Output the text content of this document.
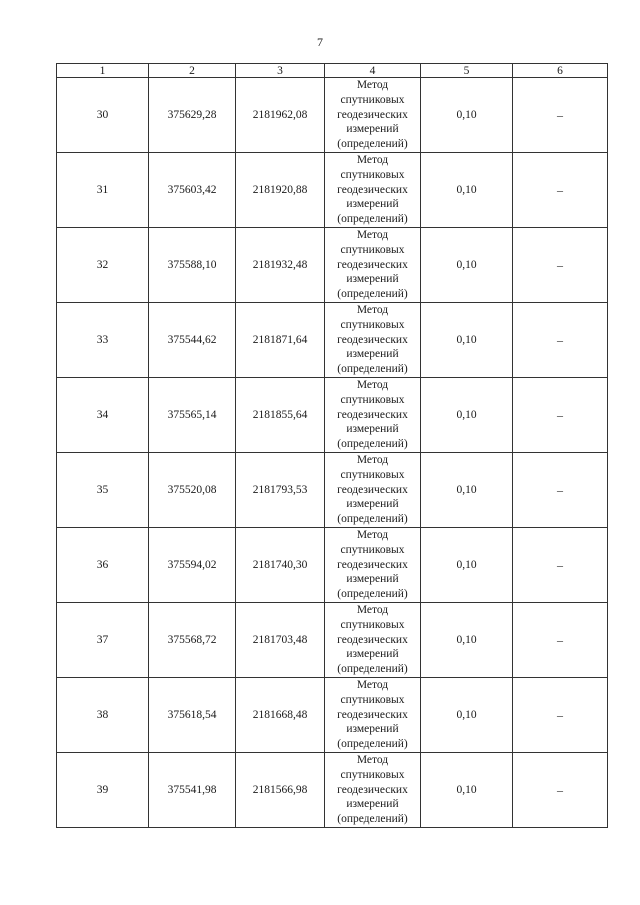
7
1	2	3	4	5	6
30	375629,28	2181962,08	Метод
спутниковых
геодезических
измерений
(определений)	0,10	–
31	375603,42	2181920,88	Метод
спутниковых
геодезических
измерений
(определений)	0,10	–
32	375588,10	2181932,48	Метод
спутниковых
геодезических
измерений
(определений)	0,10	–
33	375544,62	2181871,64	Метод
спутниковых
геодезических
измерений
(определений)	0,10	–
34	375565,14	2181855,64	Метод
спутниковых
геодезических
измерений
(определений)	0,10	–
35	375520,08	2181793,53	Метод
спутниковых
геодезических
измерений
(определений)	0,10	–
36	375594,02	2181740,30	Метод
спутниковых
геодезических
измерений
(определений)	0,10	–
37	375568,72	2181703,48	Метод
спутниковых
геодезических
измерений
(определений)	0,10	–
38	375618,54	2181668,48	Метод
спутниковых
геодезических
измерений
(определений)	0,10	–
39	375541,98	2181566,98	Метод
спутниковых
геодезических
измерений
(определений)	0,10	–
